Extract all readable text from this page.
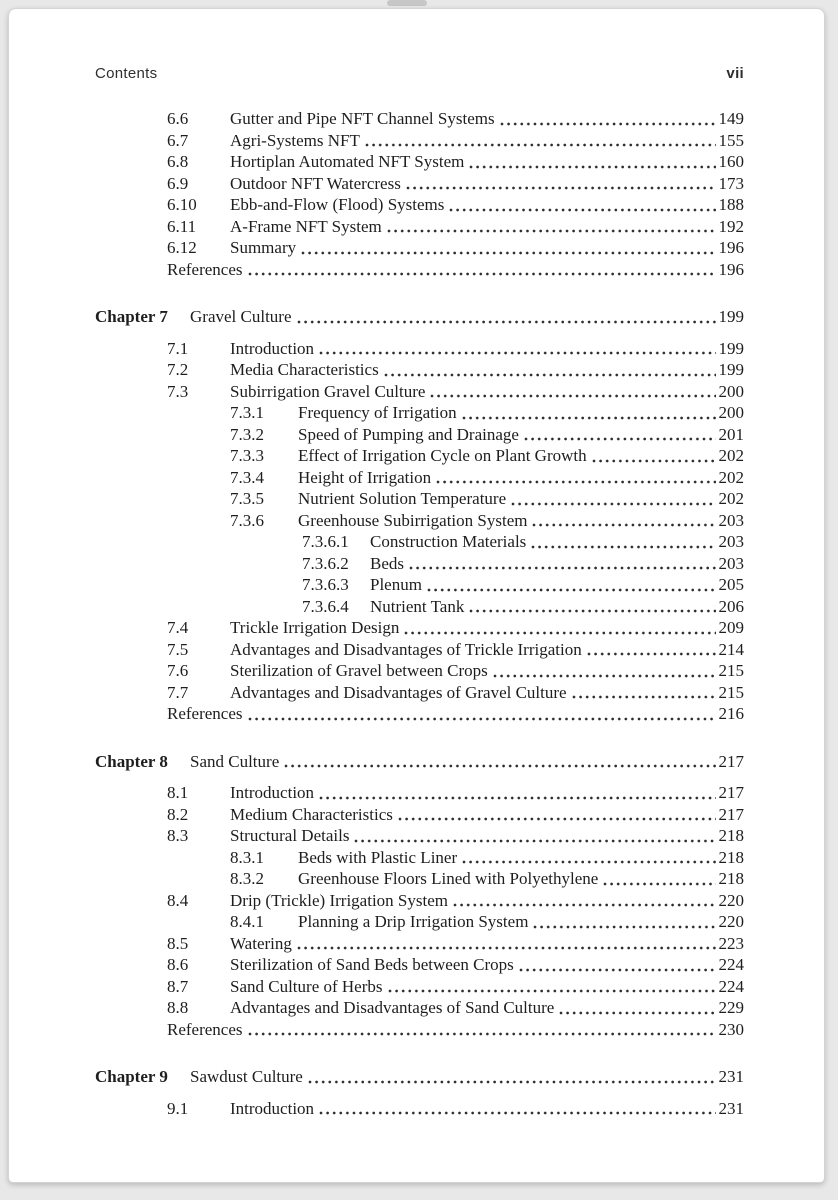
Contents	vii
6.6	Gutter and Pipe NFT Channel Systems	149
6.7	Agri-Systems NFT	155
6.8	Hortiplan Automated NFT System	160
6.9	Outdoor NFT Watercress	173
6.10	Ebb-and-Flow (Flood) Systems	188
6.11	A-Frame NFT System	192
6.12	Summary	196
References	196
Chapter 7	Gravel Culture	199
7.1	Introduction	199
7.2	Media Characteristics	199
7.3	Subirrigation Gravel Culture	200
7.3.1	Frequency of Irrigation	200
7.3.2	Speed of Pumping and Drainage	201
7.3.3	Effect of Irrigation Cycle on Plant Growth	202
7.3.4	Height of Irrigation	202
7.3.5	Nutrient Solution Temperature	202
7.3.6	Greenhouse Subirrigation System	203
7.3.6.1	Construction Materials	203
7.3.6.2	Beds	203
7.3.6.3	Plenum	205
7.3.6.4	Nutrient Tank	206
7.4	Trickle Irrigation Design	209
7.5	Advantages and Disadvantages of Trickle Irrigation	214
7.6	Sterilization of Gravel between Crops	215
7.7	Advantages and Disadvantages of Gravel Culture	215
References	216
Chapter 8	Sand Culture	217
8.1	Introduction	217
8.2	Medium Characteristics	217
8.3	Structural Details	218
8.3.1	Beds with Plastic Liner	218
8.3.2	Greenhouse Floors Lined with Polyethylene	218
8.4	Drip (Trickle) Irrigation System	220
8.4.1	Planning a Drip Irrigation System	220
8.5	Watering	223
8.6	Sterilization of Sand Beds between Crops	224
8.7	Sand Culture of Herbs	224
8.8	Advantages and Disadvantages of Sand Culture	229
References	230
Chapter 9	Sawdust Culture	231
9.1	Introduction	231
